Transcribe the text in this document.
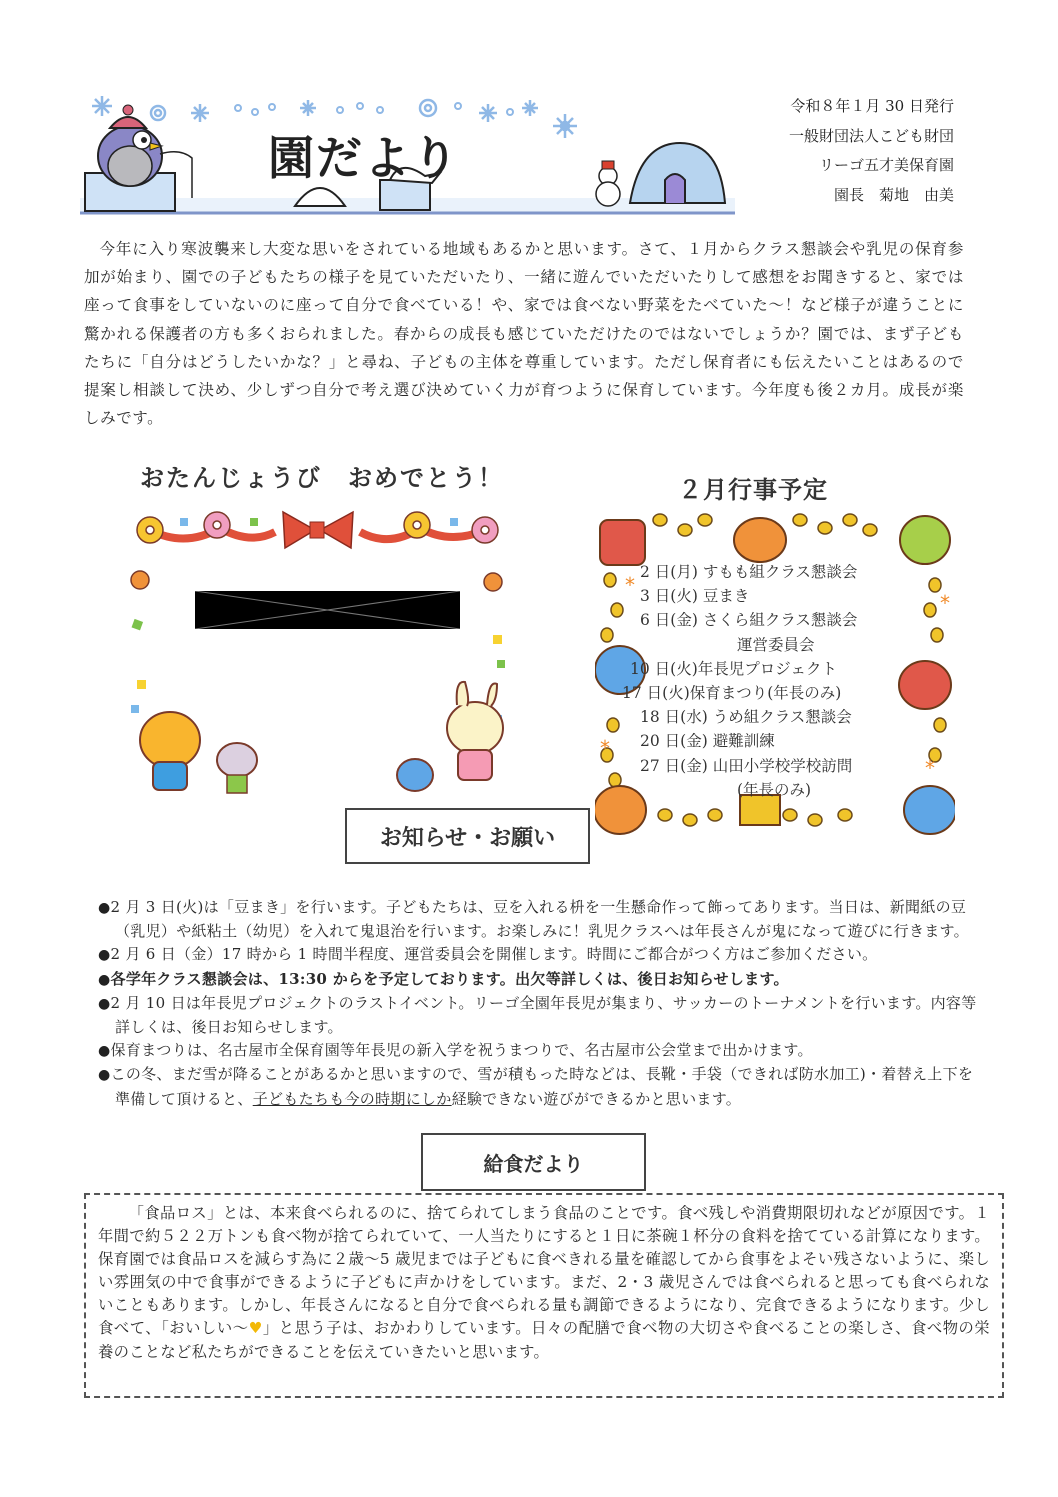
園だより
令和８年１月 30 日発行
一般財団法人こども財団
リーゴ五才美保育園
園長　菊地　由美
今年に入り寒波襲来し大変な思いをされている地域もあるかと思います。さて、１月からクラス懇談会や乳児の保育参加が始まり、園での子どもたちの様子を見ていただいたり、一緒に遊んでいただいたりして感想をお聞きすると、家では座って食事をしていないのに座って自分で食べている！や、家では食べない野菜をたべていた〜！など様子が違うことに驚かれる保護者の方も多くおられました。春からの成長も感じていただけたのではないでしょうか？園では、まず子どもたちに「自分はどうしたいかな？」と尋ね、子どもの主体を尊重しています。ただし保育者にも伝えたいことはあるので提案し相談して決め、少しずつ自分で考え選び決めていく力が育つように保育しています。今年度も後２カ月。成長が楽しみです。
おたんじょうび　おめでとう！	２月行事予定
*
*
*
*
2 日(月) すもも組クラス懇談会
3 日(火) 豆まき
6 日(金) さくら組クラス懇談会
運営委員会
10 日(火)年長児プロジェクト
17 日(火)保育まつり(年長のみ)
18 日(水) うめ組クラス懇談会
20 日(金) 避難訓練
27 日(金) 山田小学校学校訪問
(年長のみ)
お知らせ・お願い
●2 月 3 日(火)は「豆まき」を行います。子どもたちは、豆を入れる枡を一生懸命作って飾ってあります。当日は、新聞紙の豆（乳児）や紙粘土（幼児）を入れて鬼退治を行います。お楽しみに！乳児クラスへは年長さんが鬼になって遊びに行きます。
●2 月 6 日（金）17 時から 1 時間半程度、運営委員会を開催します。時間にご都合がつく方はご参加ください。
●各学年クラス懇談会は、13:30 からを予定しております。出欠等詳しくは、後日お知らせします。
●2 月 10 日は年長児プロジェクトのラストイベント。リーゴ全園年長児が集まり、サッカーのトーナメントを行います。内容等詳しくは、後日お知らせします。
●保育まつりは、名古屋市全保育園等年長児の新入学を祝うまつりで、名古屋市公会堂まで出かけます。
●この冬、まだ雪が降ることがあるかと思いますので、雪が積もった時などは、長靴・手袋（できれば防水加工)・着替え上下を準備して頂けると、子どもたちも今の時期にしか経験できない遊びができるかと思います。
給食だより
「食品ロス」とは、本来食べられるのに、捨てられてしまう食品のことです。食べ残しや消費期限切れなどが原因です。１年間で約５２２万トンも食べ物が捨てられていて、一人当たりにすると１日に茶碗１杯分の食料を捨てている計算になります。保育園では食品ロスを減らす為に２歳〜5 歳児までは子どもに食べきれる量を確認してから食事をよそい残さないように、楽しい雰囲気の中で食事ができるように子どもに声かけをしています。まだ、2・3 歳児さんでは食べられると思っても食べられないこともあります。しかし、年長さんになると自分で食べられる量も調節できるようになり、完食できるようになります。少し食べて、「おいしい〜♥」と思う子は、おかわりしています。日々の配膳で食べ物の大切さや食べることの楽しさ、食べ物の栄養のことなど私たちができることを伝えていきたいと思います。
